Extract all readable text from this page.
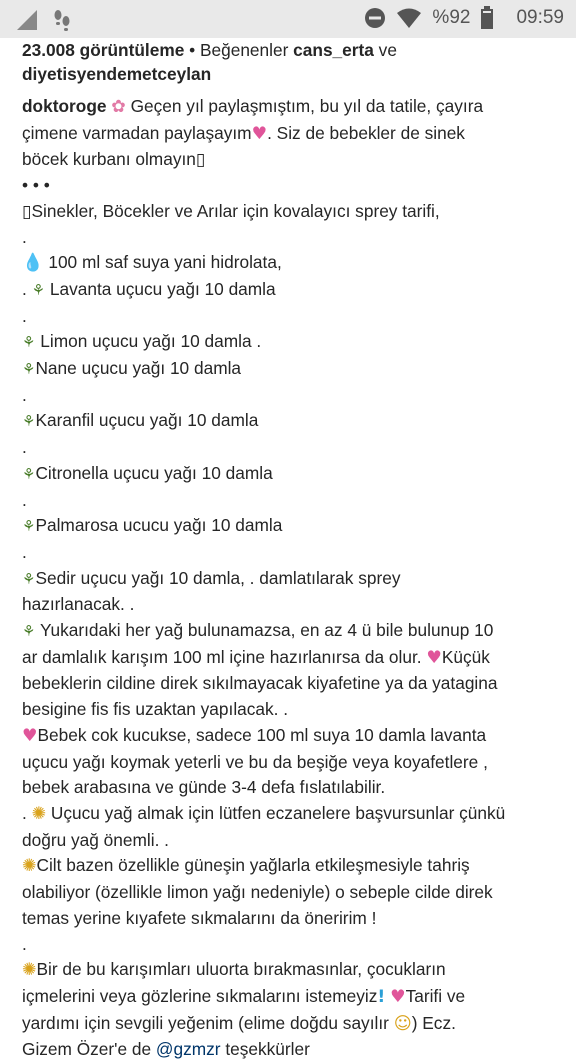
%92 09:59
23.008 görüntüleme • Beğenenler cans_erta ve
diyetisyendemetceylan
doktoroge ✿ Geçen yıl paylaşmıştım, bu yıl da tatile, çayıra
çimene varmadan paylaşayım♥. Siz de bebekler de sinek
böcek kurbanı olmayın▯
• • •
▯Sinekler, Böcekler ve Arılar için kovalayıcı sprey tarifi,
.
💧 100 ml saf suya yani hidrolata,
. ⚘ Lavanta uçucu yağı 10 damla
.
⚘ Limon uçucu yağı 10 damla .
⚘Nane uçucu yağı 10 damla
.
⚘Karanfil uçucu yağı 10 damla
.
⚘Citronella uçucu yağı 10 damla
.
⚘Palmarosa ucucu yağı 10 damla
.
⚘Sedir uçucu yağı 10 damla, . damlatılarak sprey
hazırlanacak. .
⚘ Yukarıdaki her yağ bulunamazsa, en az 4 ü bile bulunup 10
ar damlalık karışım 100 ml içine hazırlanırsa da olur. ♥Küçük
bebeklerin cildine direk sıkılmayacak kiyafetine ya da yatagina
besigine fis fis uzaktan yapılacak. .
♥Bebek cok kucukse, sadece 100 ml suya 10 damla lavanta
uçucu yağı koymak yeterli ve bu da beşiğe veya koyafetlere ,
bebek arabasına ve günde 3-4 defa fıslatılabilir.
. ✺ Uçucu yağ almak için lütfen eczanelere başvursunlar çünkü
doğru yağ önemli. .
✺Cilt bazen özellikle güneşin yağlarla etkileşmesiyle tahriş
olabiliyor (özellikle limon yağı nedeniyle) o sebeple cilde direk
temas yerine kıyafete sıkmalarını da öneririm !
.
✺Bir de bu karışımları uluorta bırakmasınlar, çocukların
içmelerini veya gözlerine sıkmalarını istemeyiz! ♥Tarifi ve
yardımı için sevgili yeğenim (elime doğdu sayılır ☺) Ecz.
Gizem Özer'e de @gzmzr teşekkürler
